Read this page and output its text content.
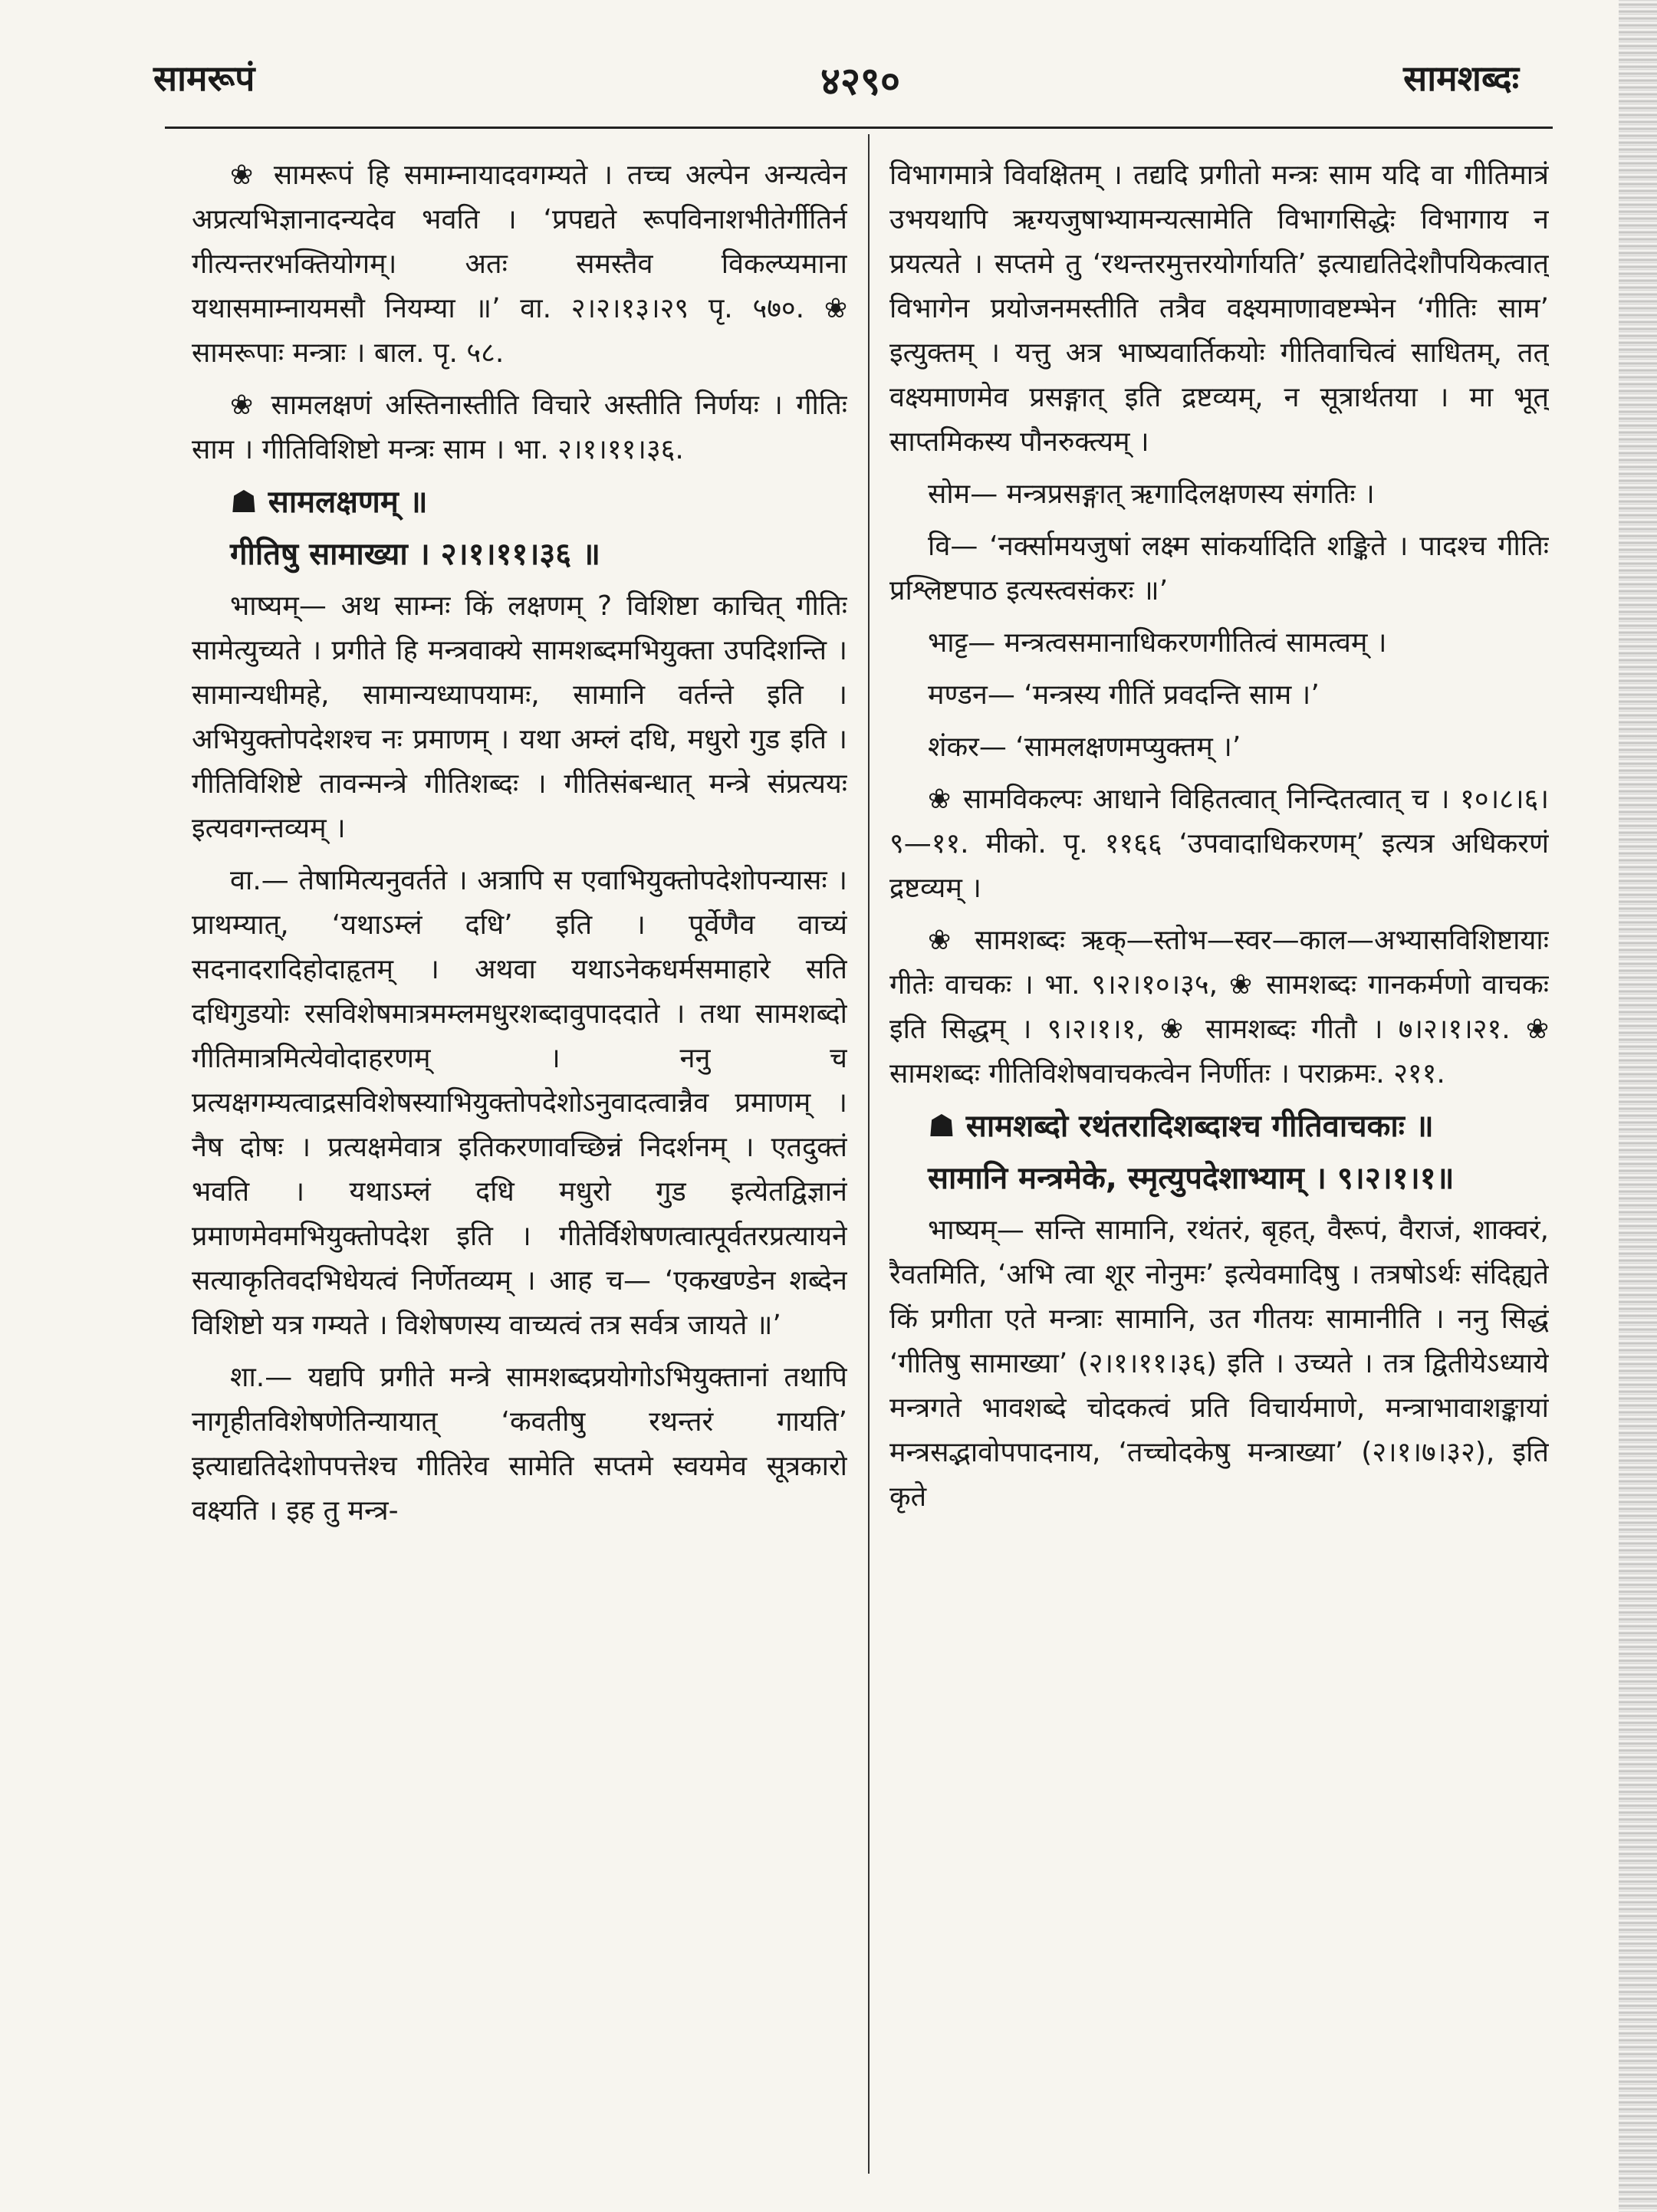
सामरूपं	४२९०	सामशब्दः

❀ सामरूपं हि समाम्नायादवगम्यते । तच्च अल्पेन अन्यत्वेन अप्रत्यभिज्ञानादन्यदेव भवति । ‘प्रपद्यते रूपविनाशभीतेर्गीतिर्न गीत्यन्तरभक्तियोगम्। अतः समस्तैव विकल्प्यमाना यथासमाम्नायमसौ नियम्या ॥’ वा. २।२।१३।२९ पृ. ५७०. ❀ सामरूपाः मन्त्राः । बाल. पृ. ५८.

❀ सामलक्षणं अस्तिनास्तीति विचारे अस्तीति निर्णयः । गीतिः साम । गीतिविशिष्टो मन्त्रः साम । भा. २।१।११।३६.

☗ सामलक्षणम् ॥

गीतिषु सामाख्या । २।१।११।३६ ॥

भाष्यम्— अथ साम्नः किं लक्षणम् ? विशिष्टा काचित् गीतिः सामेत्युच्यते । प्रगीते हि मन्त्रवाक्ये सामशब्दमभियुक्ता उपदिशन्ति । सामान्यधीमहे, सामान्यध्यापयामः, सामानि वर्तन्ते इति । अभियुक्तोपदेशश्च नः प्रमाणम् । यथा अम्लं दधि, मधुरो गुड इति । गीतिविशिष्टे तावन्मन्त्रे गीतिशब्दः । गीतिसंबन्धात् मन्त्रे संप्रत्ययः इत्यवगन्तव्यम् ।

वा.— तेषामित्यनुवर्तते । अत्रापि स एवाभियुक्तोपदेशोपन्यासः । प्राथम्यात्, ‘यथाऽम्लं दधि’ इति । पूर्वेणैव वाच्यं सदनादरादिहोदाहृतम् । अथवा यथाऽनेकधर्मसमाहारे सति दधिगुडयोः रसविशेषमात्रमम्लमधुरशब्दावुपाददाते । तथा सामशब्दो गीतिमात्रमित्येवोदाहरणम् । ननु च प्रत्यक्षगम्यत्वाद्रसविशेषस्याभियुक्तोपदेशोऽनुवादत्वान्नैव प्रमाणम् । नैष दोषः । प्रत्यक्षमेवात्र इतिकरणावच्छिन्नं निदर्शनम् । एतदुक्तं भवति । यथाऽम्लं दधि मधुरो गुड इत्येतद्विज्ञानं प्रमाणमेवमभियुक्तोपदेश इति । गीतेर्विशेषणत्वात्पूर्वतरप्रत्यायने सत्याकृतिवदभिधेयत्वं निर्णेतव्यम् । आह च— ‘एकखण्डेन शब्देन विशिष्टो यत्र गम्यते । विशेषणस्य वाच्यत्वं तत्र सर्वत्र जायते ॥’

शा.— यद्यपि प्रगीते मन्त्रे सामशब्दप्रयोगोऽभियुक्तानां तथापि नागृहीतविशेषणेतिन्यायात् ‘कवतीषु रथन्तरं गायति’ इत्याद्यतिदेशोपपत्तेश्च गीतिरेव सामेति सप्तमे स्वयमेव सूत्रकारो वक्ष्यति । इह तु मन्त्र-

विभागमात्रे विवक्षितम् । तद्यदि प्रगीतो मन्त्रः साम यदि वा गीतिमात्रं उभयथापि ऋग्यजुषाभ्यामन्यत्सामेति विभागसिद्धेः विभागाय न प्रयत्यते । सप्तमे तु ‘रथन्तरमुत्तरयोर्गायति’ इत्याद्यतिदेशौपयिकत्वात् विभागेन प्रयोजनमस्तीति तत्रैव वक्ष्यमाणावष्टम्भेन ‘गीतिः साम’ इत्युक्तम् । यत्तु अत्र भाष्यवार्तिकयोः गीतिवाचित्वं साधितम्, तत् वक्ष्यमाणमेव प्रसङ्गात् इति द्रष्टव्यम्, न सूत्रार्थतया । मा भूत् साप्तमिकस्य पौनरुक्त्यम् ।

सोम— मन्त्रप्रसङ्गात् ऋगादिलक्षणस्य संगतिः ।

वि— ‘नर्क्सामयजुषां लक्ष्म सांकर्यादिति शङ्किते । पादश्च गीतिः प्रश्लिष्टपाठ इत्यस्त्वसंकरः ॥’

भाट्ट— मन्त्रत्वसमानाधिकरणगीतित्वं सामत्वम् ।

मण्डन— ‘मन्त्रस्य गीतिं प्रवदन्ति साम ।’

शंकर— ‘सामलक्षणमप्युक्तम् ।’

❀ सामविकल्पः आधाने विहितत्वात् निन्दितत्वात् च । १०।८।६।९—११. मीको. पृ. ११६६ ‘उपवादाधिकरणम्’ इत्यत्र अधिकरणं द्रष्टव्यम् ।

❀ सामशब्दः ऋक्—स्तोभ—स्वर—काल—अभ्यासविशिष्टायाः गीतेः वाचकः । भा. ९।२।१०।३५, ❀ सामशब्दः गानकर्मणो वाचकः इति सिद्धम् । ९।२।१।१, ❀ सामशब्दः गीतौ । ७।२।१।२१. ❀ सामशब्दः गीतिविशेषवाचकत्वेन निर्णीतः । पराक्रमः. २११.

☗ सामशब्दो रथंतरादिशब्दाश्च गीतिवाचकाः ॥

सामानि मन्त्रमेके, स्मृत्युपदेशाभ्याम् । ९।२।१।१॥

भाष्यम्— सन्ति सामानि, रथंतरं, बृहत्, वैरूपं, वैराजं, शाक्वरं, रैवतमिति, ‘अभि त्वा शूर नोनुमः’ इत्येवमादिषु । तत्रषोऽर्थः संदिह्यते किं प्रगीता एते मन्त्राः सामानि, उत गीतयः सामानीति । ननु सिद्धं ‘गीतिषु सामाख्या’ (२।१।११।३६) इति । उच्यते । तत्र द्वितीयेऽध्याये मन्त्रगते भावशब्दे चोदकत्वं प्रति विचार्यमाणे, मन्त्राभावाशङ्कायां मन्त्रसद्भावोपपादनाय, ‘तच्चोदकेषु मन्त्राख्या’ (२।१।७।३२), इति कृते
